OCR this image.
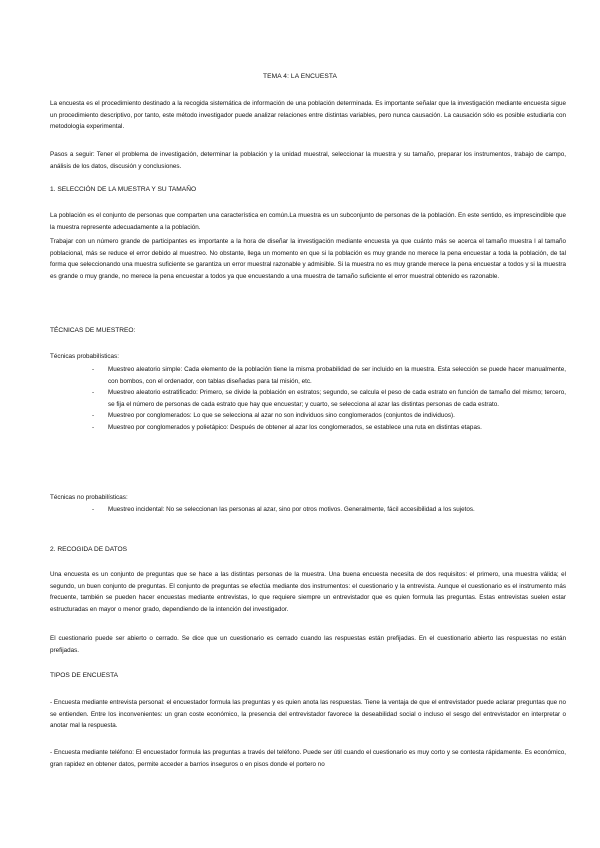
TEMA 4: LA ENCUESTA

La encuesta es el procedimiento destinado a la recogida sistemática de información de una población determinada. Es importante señalar que la investigación mediante encuesta sigue un procedimiento descriptivo, por tanto, este método investigador puede analizar relaciones entre distintas variables, pero nunca causación. La causación sólo es posible estudiarla con metodología experimental.

Pasos a seguir: Tener el problema de investigación, determinar la población y la unidad muestral, seleccionar la muestra y su tamaño, preparar los instrumentos, trabajo de campo, análisis de los datos, discusión y conclusiones.

1. SELECCIÓN DE LA MUESTRA Y SU TAMAÑO

La población es el conjunto de personas que comparten una característica en común.La muestra es un subconjunto de personas de la población. En este sentido, es imprescindible que la muestra represente adecuadamente a la población.

Trabajar con un número grande de participantes es importante a la hora de diseñar la investigación mediante encuesta ya que cuánto más se acerca el tamaño muestra l al tamaño poblacional, más se reduce el error debido al muestreo. No obstante, llega un momento en que si la población es muy grande no merece la pena encuestar a toda la población, de tal forma que seleccionando una muestra suficiente se garantiza un error muestral razonable y admisible. Si la muestra no es muy grande merece la pena encuestar a todos y si la muestra es grande o muy grande, no merece la pena encuestar a todos ya que encuestando a una muestra de tamaño suficiente el error muestral obtenido es razonable.

TÉCNICAS DE MUESTREO:
Técnicas probabilísticas:
- Muestreo aleatorio simple: Cada elemento de la población tiene la misma probabilidad de ser incluido en la muestra. Esta selección se puede hacer manualmente, con bombos, con el ordenador, con tablas diseñadas para tal misión, etc.
- Muestreo aleatorio estratificado: Primero, se divide la población en estratos; segundo, se calcula el peso de cada estrato en función de tamaño del mismo; tercero, se fija el número de personas de cada estrato que hay que encuestar; y cuarto, se selecciona al azar las distintas personas de cada estrato.
- Muestreo por conglomerados: Lo que se selecciona al azar no son individuos sino conglomerados (conjuntos de individuos).
- Muestreo por conglomerados y polietápico: Después de obtener al azar los conglomerados, se establece una ruta en distintas etapas.
Técnicas no probabilísticas:
- Muestreo incidental: No se seleccionan las personas al azar, sino por otros motivos. Generalmente, fácil accesibilidad a los sujetos.
2. RECOGIDA DE DATOS

Una encuesta es un conjunto de preguntas que se hace a las distintas personas de la muestra. Una buena encuesta necesita de dos requisitos: el primero, una muestra válida; el segundo, un buen conjunto de preguntas. El conjunto de preguntas se efectúa mediante dos instrumentos: el cuestionario y la entrevista. Aunque el cuestionario es el instrumento más frecuente, también se pueden hacer encuestas mediante entrevistas, lo que requiere siempre un entrevistador que es quien formula las preguntas. Estas entrevistas suelen estar estructuradas en mayor o menor grado, dependiendo de la intención del investigador.

El cuestionario puede ser abierto o cerrado. Se dice que un cuestionario es cerrado cuando las respuestas están prefijadas. En el cuestionario abierto las respuestas no están prefijadas.

TIPOS DE ENCUESTA

- Encuesta mediante entrevista personal: el encuestador formula las preguntas y es quien anota las respuestas. Tiene la ventaja de que el entrevistador puede aclarar preguntas que no se entienden. Entre los inconvenientes: un gran coste económico, la presencia del entrevistador favorece la deseabilidad social o incluso el sesgo del entrevistador en interpretar o anotar mal la respuesta.

- Encuesta mediante teléfono: El encuestador formula las preguntas a través del teléfono. Puede ser útil cuando el cuestionario es muy corto y se contesta rápidamente. Es económico, gran rapidez en obtener datos, permite acceder a barrios inseguros o en pisos donde el portero no
